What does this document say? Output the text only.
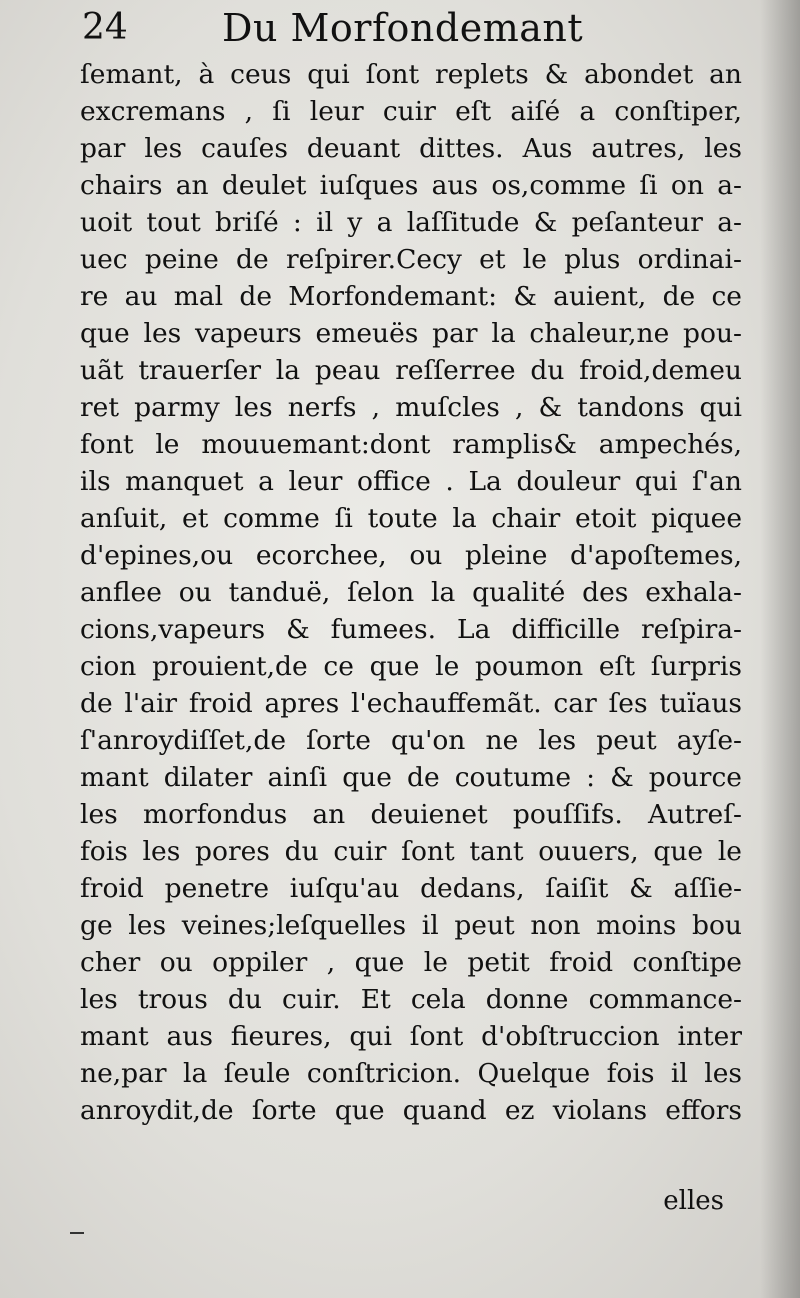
24 Du Morfondemant
ſemant, à ceus qui ſont replets & abondet an
excremans , ſi leur cuir eſt aiſé a conſtiper,
par les cauſes deuant dittes. Aus autres, les
chairs an deulet iuſques aus os,comme ſi on a-
uoit tout briſé : il y a laſſitude & peſanteur a-
uec peine de reſpirer.Cecy et le plus ordinai-
re au mal de Morfondemant: & auient, de ce
que les vapeurs emeuës par la chaleur,ne pou-
uãt trauerſer la peau reſſerree du froid,demeu
ret parmy les nerfs , muſcles , & tandons qui
font le mouuemant:dont ramplis& ampechés,
ils manquet a leur office . La douleur qui ſ'an
anſuit, et comme ſi toute la chair etoit piquee
d'epines,ou ecorchee, ou pleine d'apoſtemes,
anflee ou tanduë, ſelon la qualité des exhala-
cions,vapeurs & fumees. La difficille reſpira-
cion prouient,de ce que le poumon eſt ſurpris
de l'air froid apres l'echauffemãt. car ſes tuïaus
ſ'anroydiſſet,de ſorte qu'on ne les peut ayſe-
mant dilater ainſi que de coutume : & pource
les morfondus an deuienet pouſſifs. Autreſ-
fois les pores du cuir ſont tant ouuers, que le
froid penetre iuſqu'au dedans, ſaiſit & aſſie-
ge les veines;leſquelles il peut non moins bou
cher ou oppiler , que le petit froid conſtipe
les trous du cuir. Et cela donne commance-
mant aus fieures, qui ſont d'obſtruccion inter
ne,par la ſeule conſtricion. Quelque fois il les
anroydit,de ſorte que quand ez violans effors
elles
